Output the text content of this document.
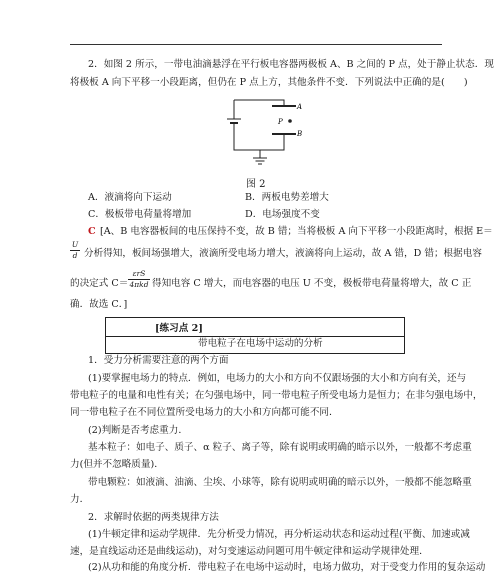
2．如图 2 所示，一带电油滴悬浮在平行板电容器两极板 A、B 之间的 P 点，处于静止状态．现
将极板 A 向下平移一小段距离，但仍在 P 点上方，其他条件不变．下列说法中正确的是(　　)
A
P
B
图 2
A．液滴将向下运动	B．两板电势差增大
C．极板带电荷量将增加	D．电场强度不变
C [A、B 电容器板间的电压保持不变，故 B 错；当将极板 A 向下平移一小段距离时，根据 E＝
U
d 分析得知，板间场强增大，液滴所受电场力增大，液滴将向上运动，故 A 错，D 错；根据电容
的决定式 C＝
εrS
4πkd 得知电容 C 增大，而电容器的电压 U 不变，极板带电荷量将增大，故 C 正
确．故选 C．]
[练习点 2]
带电粒子在电场中运动的分析
1．受力分析需要注意的两个方面
(1)要掌握电场力的特点．例如，电场力的大小和方向不仅跟场强的大小和方向有关，还与
带电粒子的电量和电性有关；在匀强电场中，同一带电粒子所受电场力是恒力；在非匀强电场中，
同一带电粒子在不同位置所受电场力的大小和方向都可能不同．
(2)判断是否考虑重力．
基本粒子：如电子、质子、α 粒子、离子等，除有说明或明确的暗示以外，一般都不考虑重
力(但并不忽略质量)．
带电颗粒：如液滴、油滴、尘埃、小球等，除有说明或明确的暗示以外，一般都不能忽略重
力．
2．求解时依据的两类规律方法
(1)牛顿定律和运动学规律．先分析受力情况，再分析运动状态和运动过程(平衡、加速或减
速，是直线运动还是曲线运动)，对匀变速运动问题可用牛顿定律和运动学规律处理．
(2)从功和能的角度分析．带电粒子在电场中运动时，电场力做功，对于受变力作用的复杂运动
